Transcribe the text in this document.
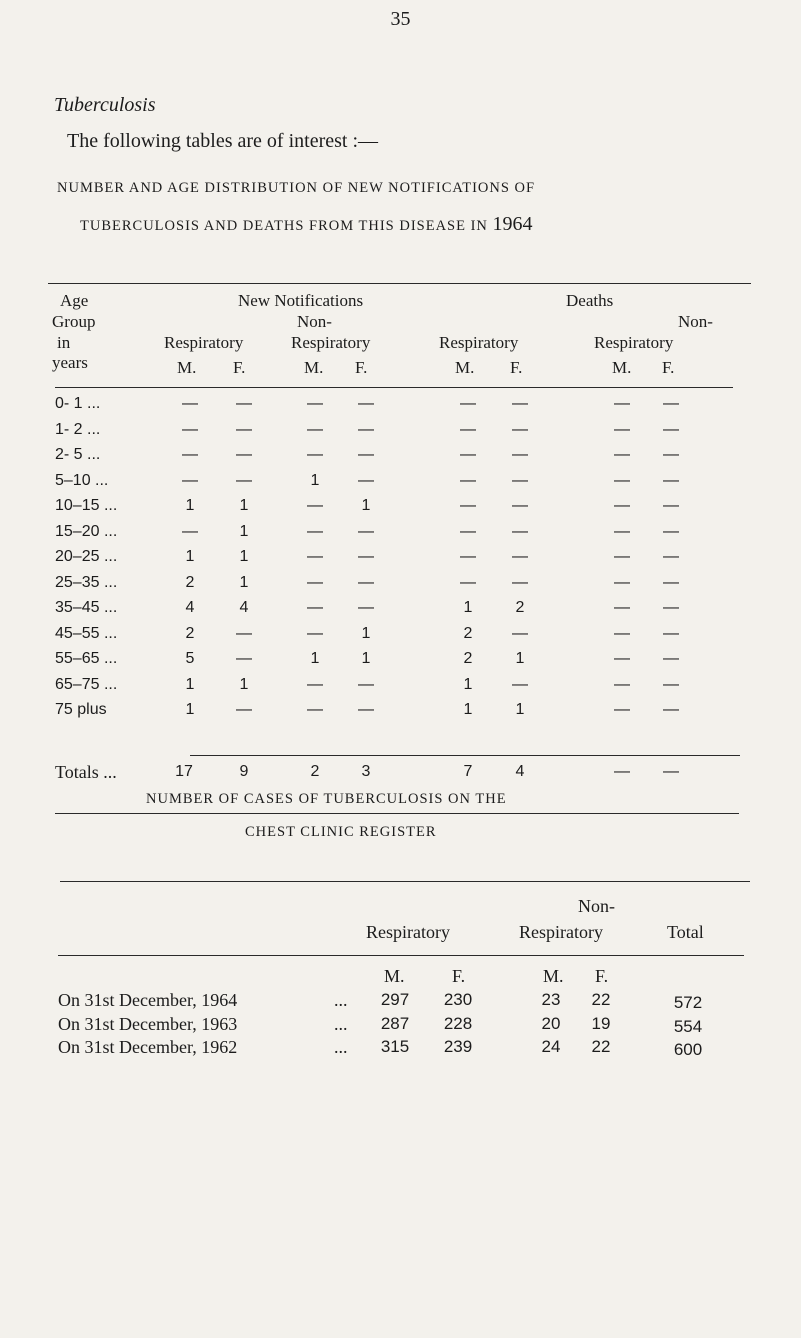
35
Tuberculosis
The following tables are of interest :—
NUMBER AND AGE DISTRIBUTION OF NEW NOTIFICATIONS OF
TUBERCULOSIS AND DEATHS FROM THIS DISEASE IN 1964
Age
Group
in
years
New Notifications	Deaths
Non-	Non-
Respiratory	Respiratory	Respiratory	Respiratory
M. F.	M. F.	M. F.	M. F.
0- 1 ...	—	—	—	—	—	—	—	—
1- 2 ...	—	—	—	—	—	—	—	—
2- 5 ...	—	—	—	—	—	—	—	—
5–10 ...	—	—	1	—	—	—	—	—
10–15 ...	1	1	—	1	—	—	—	—
15–20 ...	—	1	—	—	—	—	—	—
20–25 ...	1	1	—	—	—	—	—	—
25–35 ...	2	1	—	—	—	—	—	—
35–45 ...	4	4	—	—	1	2	—	—
45–55 ...	2	—	—	1	2	—	—	—
55–65 ...	5	—	1	1	2	1	—	—
65–75 ...	1	1	—	—	1	—	—	—
75 plus	1	—	—	—	1	1	—	—
Totals ...	17	9	2	3	7	4	—	—
NUMBER OF CASES OF TUBERCULOSIS ON THE
CHEST CLINIC REGISTER
Non-
Respiratory	Respiratory	Total
M.	F.	M. F.
On 31st December, 1964	...	297	230	23	22	572
On 31st December, 1963	...	287	228	20	19	554
On 31st December, 1962	...	315	239	24	22	600
